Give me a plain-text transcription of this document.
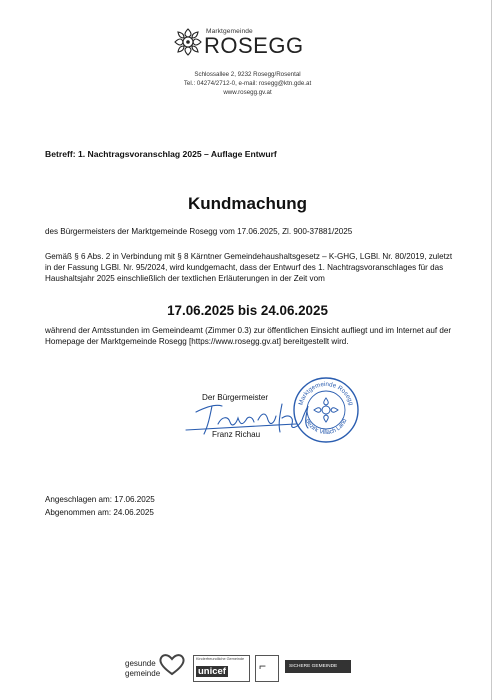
Marktgemeinde
ROSEGG
Schlossallee 2, 9232 Rosegg/Rosental
Tel.: 04274/2712-0, e-mail: rosegg@ktn.gde.at
www.rosegg.gv.at
Betreff: 1. Nachtragsvoranschlag 2025 – Auflage Entwurf
Kundmachung
des Bürgermeisters der Marktgemeinde Rosegg vom 17.06.2025, Zl. 900-37881/2025
Gemäß § 6 Abs. 2 in Verbindung mit § 8 Kärntner Gemeindehaushaltsgesetz – K-GHG, LGBl. Nr. 80/2019, zuletzt in der Fassung LGBl. Nr. 95/2024, wird kundgemacht, dass der Entwurf des 1. Nachtragsvoranschlages für das Haushaltsjahr 2025 einschließlich der textlichen Erläuterungen in der Zeit vom
17.06.2025 bis 24.06.2025
während der Amtsstunden im Gemeindeamt (Zimmer 0.3) zur öffentlichen Einsicht aufliegt und im Internet auf der Homepage der Marktgemeinde Rosegg [https://www.rosegg.gv.at] bereitgestellt wird.
Der Bürgermeister
Franz Richau
Marktgemeinde Rosegg
Bezirk Villach Land
Angeschlagen am: 17.06.2025
Abgenommen am: 24.06.2025
gesunde
gemeinde
Kinderfreundliche Gemeinde
unicef	⌐	SICHERE GEMEINDE
